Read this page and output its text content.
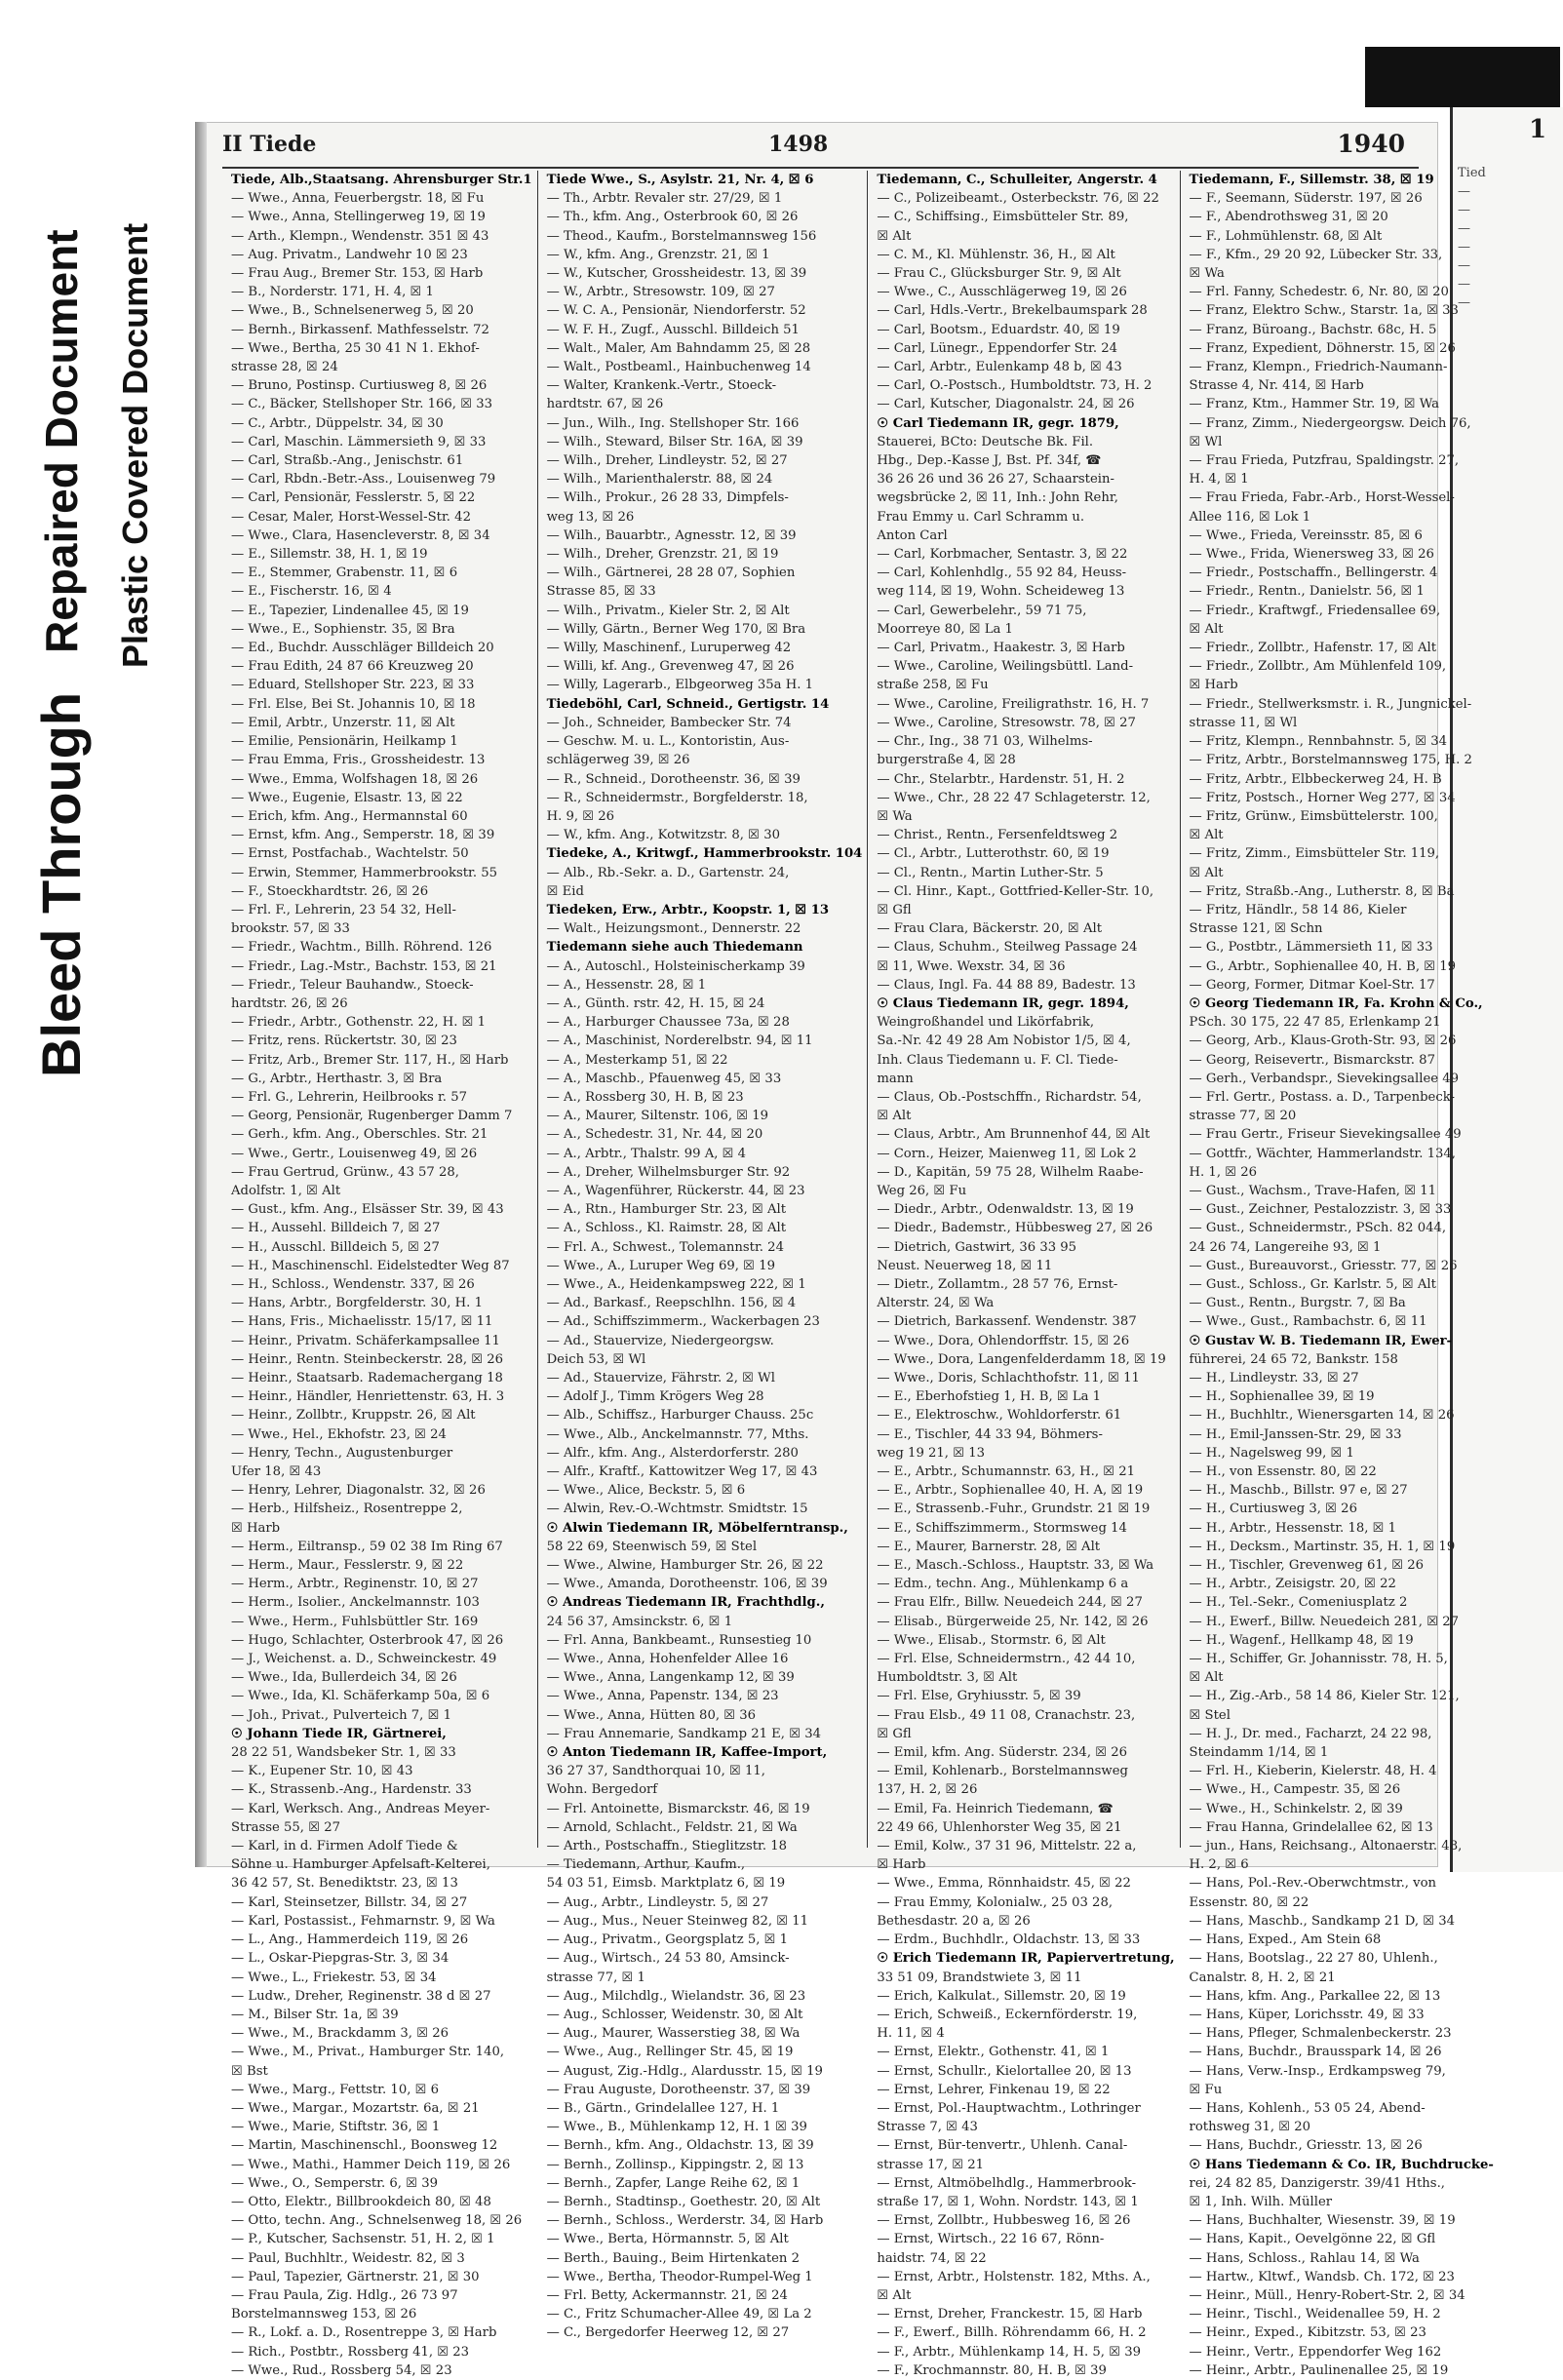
Bleed Through
Repaired Document Plastic Covered Document
1
Tied
—
—
—
—
—
—
—
II Tiede	1498	1940
Tiede, Alb.,Staatsang. Ahrensburger Str.1
— Wwe., Anna, Feuerbergstr. 18, ☒ Fu
— Wwe., Anna, Stellingerweg 19, ☒ 19
— Arth., Klempn., Wendenstr. 351 ☒ 43
— Aug. Privatm., Landwehr 10 ☒ 23
— Frau Aug., Bremer Str. 153, ☒ Harb
— B., Norderstr. 171, H. 4, ☒ 1
— Wwe., B., Schnelsenerweg 5, ☒ 20
— Bernh., Birkassenf. Mathfesselstr. 72
— Wwe., Bertha, 25 30 41 N 1. Ekhof-
strasse 28, ☒ 24
— Bruno, Postinsp. Curtiusweg 8, ☒ 26
— C., Bäcker, Stellshoper Str. 166, ☒ 33
— C., Arbtr., Düppelstr. 34, ☒ 30
— Carl, Maschin. Lämmersieth 9, ☒ 33
— Carl, Straßb.-Ang., Jenischstr. 61
— Carl, Rbdn.-Betr.-Ass., Louisenweg 79
— Carl, Pensionär, Fesslerstr. 5, ☒ 22
— Cesar, Maler, Horst-Wessel-Str. 42
— Wwe., Clara, Hasencleverstr. 8, ☒ 34
— E., Sillemstr. 38, H. 1, ☒ 19
— E., Stemmer, Grabenstr. 11, ☒ 6
— E., Fischerstr. 16, ☒ 4
— E., Tapezier, Lindenallee 45, ☒ 19
— Wwe., E., Sophienstr. 35, ☒ Bra
— Ed., Buchdr. Ausschläger Billdeich 20
— Frau Edith, 24 87 66 Kreuzweg 20
— Eduard, Stellshoper Str. 223, ☒ 33
— Frl. Else, Bei St. Johannis 10, ☒ 18
— Emil, Arbtr., Unzerstr. 11, ☒ Alt
— Emilie, Pensionärin, Heilkamp 1
— Frau Emma, Fris., Grossheidestr. 13
— Wwe., Emma, Wolfshagen 18, ☒ 26
— Wwe., Eugenie, Elsastr. 13, ☒ 22
— Erich, kfm. Ang., Hermannstal 60
— Ernst, kfm. Ang., Semperstr. 18, ☒ 39
— Ernst, Postfachab., Wachtelstr. 50
— Erwin, Stemmer, Hammerbrookstr. 55
— F., Stoeckhardtstr. 26, ☒ 26
— Frl. F., Lehrerin, 23 54 32, Hell-
brookstr. 57, ☒ 33
— Friedr., Wachtm., Billh. Röhrend. 126
— Friedr., Lag.-Mstr., Bachstr. 153, ☒ 21
— Friedr., Teleur Bauhandw., Stoeck-
hardtstr. 26, ☒ 26
— Friedr., Arbtr., Gothenstr. 22, H. ☒ 1
— Fritz, rens. Rückertstr. 30, ☒ 23
— Fritz, Arb., Bremer Str. 117, H., ☒ Harb
— G., Arbtr., Herthastr. 3, ☒ Bra
— Frl. G., Lehrerin, Heilbrooks r. 57
— Georg, Pensionär, Rugenberger Damm 7
— Gerh., kfm. Ang., Oberschles. Str. 21
— Wwe., Gertr., Louisenweg 49, ☒ 26
— Frau Gertrud, Grünw., 43 57 28,
Adolfstr. 1, ☒ Alt
— Gust., kfm. Ang., Elsässer Str. 39, ☒ 43
— H., Aussehl. Billdeich 7, ☒ 27
— H., Ausschl. Billdeich 5, ☒ 27
— H., Maschinenschl. Eidelstedter Weg 87
— H., Schloss., Wendenstr. 337, ☒ 26
— Hans, Arbtr., Borgfelderstr. 30, H. 1
— Hans, Fris., Michaelisstr. 15/17, ☒ 11
— Heinr., Privatm. Schäferkampsallee 11
— Heinr., Rentn. Steinbeckerstr. 28, ☒ 26
— Heinr., Staatsarb. Rademachergang 18
— Heinr., Händler, Henriettenstr. 63, H. 3
— Heinr., Zollbtr., Kruppstr. 26, ☒ Alt
— Wwe., Hel., Ekhofstr. 23, ☒ 24
— Henry, Techn., Augustenburger
Ufer 18, ☒ 43
— Henry, Lehrer, Diagonalstr. 32, ☒ 26
— Herb., Hilfsheiz., Rosentreppe 2,
☒ Harb
— Herm., Eiltransp., 59 02 38 Im Ring 67
— Herm., Maur., Fesslerstr. 9, ☒ 22
— Herm., Arbtr., Reginenstr. 10, ☒ 27
— Herm., Isolier., Anckelmannstr. 103
— Wwe., Herm., Fuhlsbüttler Str. 169
— Hugo, Schlachter, Osterbrook 47, ☒ 26
— J., Weichenst. a. D., Schweinckestr. 49
— Wwe., Ida, Bullerdeich 34, ☒ 26
— Wwe., Ida, Kl. Schäferkamp 50a, ☒ 6
— Joh., Privat., Pulverteich 7, ☒ 1
☉ Johann Tiede IR, Gärtnerei,
28 22 51, Wandsbeker Str. 1, ☒ 33
— K., Eupener Str. 10, ☒ 43
— K., Strassenb.-Ang., Hardenstr. 33
— Karl, Werksch. Ang., Andreas Meyer-
Strasse 55, ☒ 27
— Karl, in d. Firmen Adolf Tiede &
Söhne u. Hamburger Apfelsaft-Kelterei,
36 42 57, St. Benediktstr. 23, ☒ 13
— Karl, Steinsetzer, Billstr. 34, ☒ 27
— Karl, Postassist., Fehmarnstr. 9, ☒ Wa
— L., Ang., Hammerdeich 119, ☒ 26
— L., Oskar-Piepgras-Str. 3, ☒ 34
— Wwe., L., Friekestr. 53, ☒ 34
— Ludw., Dreher, Reginenstr. 38 d ☒ 27
— M., Bilser Str. 1a, ☒ 39
— Wwe., M., Brackdamm 3, ☒ 26
— Wwe., M., Privat., Hamburger Str. 140,
☒ Bst
— Wwe., Marg., Fettstr. 10, ☒ 6
— Wwe., Margar., Mozartstr. 6a, ☒ 21
— Wwe., Marie, Stiftstr. 36, ☒ 1
— Martin, Maschinenschl., Boonsweg 12
— Wwe., Mathi., Hammer Deich 119, ☒ 26
— Wwe., O., Semperstr. 6, ☒ 39
— Otto, Elektr., Billbrookdeich 80, ☒ 48
— Otto, techn. Ang., Schnelsenweg 18, ☒ 26
— P., Kutscher, Sachsenstr. 51, H. 2, ☒ 1
— Paul, Buchhltr., Weidestr. 82, ☒ 3
— Paul, Tapezier, Gärtnerstr. 21, ☒ 30
— Frau Paula, Zig. Hdlg., 26 73 97
Borstelmannsweg 153, ☒ 26
— R., Lokf. a. D., Rosentreppe 3, ☒ Harb
— Rich., Postbtr., Rossberg 41, ☒ 23
— Wwe., Rud., Rossberg 54, ☒ 23
Tiede Wwe., S., Asylstr. 21, Nr. 4, ☒ 6
— Th., Arbtr. Revaler str. 27/29, ☒ 1
— Th., kfm. Ang., Osterbrook 60, ☒ 26
— Theod., Kaufm., Borstelmannsweg 156
— W., kfm. Ang., Grenzstr. 21, ☒ 1
— W., Kutscher, Grossheidestr. 13, ☒ 39
— W., Arbtr., Stresowstr. 109, ☒ 27
— W. C. A., Pensionär, Niendorferstr. 52
— W. F. H., Zugf., Ausschl. Billdeich 51
— Walt., Maler, Am Bahndamm 25, ☒ 28
— Walt., Postbeaml., Hainbuchenweg 14
— Walter, Krankenk.-Vertr., Stoeck-
hardtstr. 67, ☒ 26
— Jun., Wilh., Ing. Stellshoper Str. 166
— Wilh., Steward, Bilser Str. 16A, ☒ 39
— Wilh., Dreher, Lindleystr. 52, ☒ 27
— Wilh., Marienthalerstr. 88, ☒ 24
— Wilh., Prokur., 26 28 33, Dimpfels-
weg 13, ☒ 26
— Wilh., Bauarbtr., Agnesstr. 12, ☒ 39
— Wilh., Dreher, Grenzstr. 21, ☒ 19
— Wilh., Gärtnerei, 28 28 07, Sophien
Strasse 85, ☒ 33
— Wilh., Privatm., Kieler Str. 2, ☒ Alt
— Willy, Gärtn., Berner Weg 170, ☒ Bra
— Willy, Maschinenf., Luruperweg 42
— Willi, kf. Ang., Grevenweg 47, ☒ 26
— Willy, Lagerarb., Elbgeorweg 35a H. 1
Tiedeböhl, Carl, Schneid., Gertigstr. 14
— Joh., Schneider, Bambecker Str. 74
— Geschw. M. u. L., Kontoristin, Aus-
schlägerweg 39, ☒ 26
— R., Schneid., Dorotheenstr. 36, ☒ 39
— R., Schneidermstr., Borgfelderstr. 18,
H. 9, ☒ 26
— W., kfm. Ang., Kotwitzstr. 8, ☒ 30
Tiedeke, A., Kritwgf., Hammerbrookstr. 104
— Alb., Rb.-Sekr. a. D., Gartenstr. 24,
☒ Eid
Tiedeken, Erw., Arbtr., Koopstr. 1, ☒ 13
— Walt., Heizungsmont., Dennerstr. 22
Tiedemann siehe auch Thiedemann
— A., Autoschl., Holsteinischerkamp 39
— A., Hessenstr. 28, ☒ 1
— A., Günth. rstr. 42, H. 15, ☒ 24
— A., Harburger Chaussee 73a, ☒ 28
— A., Maschinist, Norderelbstr. 94, ☒ 11
— A., Mesterkamp 51, ☒ 22
— A., Maschb., Pfauenweg 45, ☒ 33
— A., Rossberg 30, H. B, ☒ 23
— A., Maurer, Siltenstr. 106, ☒ 19
— A., Schedestr. 31, Nr. 44, ☒ 20
— A., Arbtr., Thalstr. 99 A, ☒ 4
— A., Dreher, Wilhelmsburger Str. 92
— A., Wagenführer, Rückerstr. 44, ☒ 23
— A., Rtn., Hamburger Str. 23, ☒ Alt
— A., Schloss., Kl. Raimstr. 28, ☒ Alt
— Frl. A., Schwest., Tolemannstr. 24
— Wwe., A., Luruper Weg 69, ☒ 19
— Wwe., A., Heidenkampsweg 222, ☒ 1
— Ad., Barkasf., Reepschlhn. 156, ☒ 4
— Ad., Schiffszimmerm., Wackerbagen 23
— Ad., Stauervize, Niedergeorgsw.
Deich 53, ☒ Wl
— Ad., Stauervize, Fährstr. 2, ☒ Wl
— Adolf J., Timm Krögers Weg 28
— Alb., Schiffsz., Harburger Chauss. 25c
— Wwe., Alb., Anckelmannstr. 77, Mths.
— Alfr., kfm. Ang., Alsterdorferstr. 280
— Alfr., Kraftf., Kattowitzer Weg 17, ☒ 43
— Wwe., Alice, Beckstr. 5, ☒ 6
— Alwin, Rev.-O.-Wchtmstr. Smidtstr. 15
☉ Alwin Tiedemann IR, Möbelferntransp.,
58 22 69, Steenwisch 59, ☒ Stel
— Wwe., Alwine, Hamburger Str. 26, ☒ 22
— Wwe., Amanda, Dorotheenstr. 106, ☒ 39
☉ Andreas Tiedemann IR, Frachthdlg.,
24 56 37, Amsinckstr. 6, ☒ 1
— Frl. Anna, Bankbeamt., Runsestieg 10
— Wwe., Anna, Hohenfelder Allee 16
— Wwe., Anna, Langenkamp 12, ☒ 39
— Wwe., Anna, Papenstr. 134, ☒ 23
— Wwe., Anna, Hütten 80, ☒ 36
— Frau Annemarie, Sandkamp 21 E, ☒ 34
☉ Anton Tiedemann IR, Kaffee-Import,
36 27 37, Sandthorquai 10, ☒ 11,
Wohn. Bergedorf
— Frl. Antoinette, Bismarckstr. 46, ☒ 19
— Arnold, Schlacht., Feldstr. 21, ☒ Wa
— Arth., Postschaffn., Stieglitzstr. 18
— Tiedemann, Arthur, Kaufm.,
54 03 51, Eimsb. Marktplatz 6, ☒ 19
— Aug., Arbtr., Lindleystr. 5, ☒ 27
— Aug., Mus., Neuer Steinweg 82, ☒ 11
— Aug., Privatm., Georgsplatz 5, ☒ 1
— Aug., Wirtsch., 24 53 80, Amsinck-
strasse 77, ☒ 1
— Aug., Milchdlg., Wielandstr. 36, ☒ 23
— Aug., Schlosser, Weidenstr. 30, ☒ Alt
— Aug., Maurer, Wasserstieg 38, ☒ Wa
— Wwe., Aug., Rellinger Str. 45, ☒ 19
— August, Zig.-Hdlg., Alardusstr. 15, ☒ 19
— Frau Auguste, Dorotheenstr. 37, ☒ 39
— B., Gärtn., Grindelallee 127, H. 1
— Wwe., B., Mühlenkamp 12, H. 1 ☒ 39
— Bernh., kfm. Ang., Oldachstr. 13, ☒ 39
— Bernh., Zollinsp., Kippingstr. 2, ☒ 13
— Bernh., Zapfer, Lange Reihe 62, ☒ 1
— Bernh., Stadtinsp., Goethestr. 20, ☒ Alt
— Bernh., Schloss., Werderstr. 34, ☒ Harb
— Wwe., Berta, Hörmannstr. 5, ☒ Alt
— Berth., Bauing., Beim Hirtenkaten 2
— Wwe., Bertha, Theodor-Rumpel-Weg 1
— Frl. Betty, Ackermannstr. 21, ☒ 24
— C., Fritz Schumacher-Allee 49, ☒ La 2
— C., Bergedorfer Heerweg 12, ☒ 27
Tiedemann, C., Schulleiter, Angerstr. 4
— C., Polizeibeamt., Osterbeckstr. 76, ☒ 22
— C., Schiffsing., Eimsbütteler Str. 89,
☒ Alt
— C. M., Kl. Mühlenstr. 36, H., ☒ Alt
— Frau C., Glücksburger Str. 9, ☒ Alt
— Wwe., C., Ausschlägerweg 19, ☒ 26
— Carl, Hdls.-Vertr., Brekelbaumspark 28
— Carl, Bootsm., Eduardstr. 40, ☒ 19
— Carl, Lünegr., Eppendorfer Str. 24
— Carl, Arbtr., Eulenkamp 48 b, ☒ 43
— Carl, O.-Postsch., Humboldtstr. 73, H. 2
— Carl, Kutscher, Diagonalstr. 24, ☒ 26
☉ Carl Tiedemann IR, gegr. 1879,
Stauerei, BCto: Deutsche Bk. Fil.
Hbg., Dep.-Kasse J, Bst. Pf. 34f, ☎
36 26 26 und 36 26 27, Schaarstein-
wegsbrücke 2, ☒ 11, Inh.: John Rehr,
Frau Emmy u. Carl Schramm u.
Anton Carl
— Carl, Korbmacher, Sentastr. 3, ☒ 22
— Carl, Kohlenhdlg., 55 92 84, Heuss-
weg 114, ☒ 19, Wohn. Scheideweg 13
— Carl, Gewerbelehr., 59 71 75,
Moorreye 80, ☒ La 1
— Carl, Privatm., Haakestr. 3, ☒ Harb
— Wwe., Caroline, Weilingsbüttl. Land-
straße 258, ☒ Fu
— Wwe., Caroline, Freiligrathstr. 16, H. 7
— Wwe., Caroline, Stresowstr. 78, ☒ 27
— Chr., Ing., 38 71 03, Wilhelms-
burgerstraße 4, ☒ 28
— Chr., Stelarbtr., Hardenstr. 51, H. 2
— Wwe., Chr., 28 22 47 Schlageterstr. 12,
☒ Wa
— Christ., Rentn., Fersenfeldtsweg 2
— Cl., Arbtr., Lutterothstr. 60, ☒ 19
— Cl., Rentn., Martin Luther-Str. 5
— Cl. Hinr., Kapt., Gottfried-Keller-Str. 10,
☒ Gfl
— Frau Clara, Bäckerstr. 20, ☒ Alt
— Claus, Schuhm., Steilweg Passage 24
☒ 11, Wwe. Wexstr. 34, ☒ 36
— Claus, Ingl. Fa. 44 88 89, Badestr. 13
☉ Claus Tiedemann IR, gegr. 1894,
Weingroßhandel und Likörfabrik,
Sa.-Nr. 42 49 28 Am Nobistor 1/5, ☒ 4,
Inh. Claus Tiedemann u. F. Cl. Tiede-
mann
— Claus, Ob.-Postschffn., Richardstr. 54,
☒ Alt
— Claus, Arbtr., Am Brunnenhof 44, ☒ Alt
— Corn., Heizer, Maienweg 11, ☒ Lok 2
— D., Kapitän, 59 75 28, Wilhelm Raabe-
Weg 26, ☒ Fu
— Diedr., Arbtr., Odenwaldstr. 13, ☒ 19
— Diedr., Bademstr., Hübbesweg 27, ☒ 26
— Dietrich, Gastwirt, 36 33 95
Neust. Neuerweg 18, ☒ 11
— Dietr., Zollamtm., 28 57 76, Ernst-
Alterstr. 24, ☒ Wa
— Dietrich, Barkassenf. Wendenstr. 387
— Wwe., Dora, Ohlendorffstr. 15, ☒ 26
— Wwe., Dora, Langenfelderdamm 18, ☒ 19
— Wwe., Doris, Schlachthofstr. 11, ☒ 11
— E., Eberhofstieg 1, H. B, ☒ La 1
— E., Elektroschw., Wohldorferstr. 61
— E., Tischler, 44 33 94, Böhmers-
weg 19 21, ☒ 13
— E., Arbtr., Schumannstr. 63, H., ☒ 21
— E., Arbtr., Sophienallee 40, H. A, ☒ 19
— E., Strassenb.-Fuhr., Grundstr. 21 ☒ 19
— E., Schiffszimmerm., Stormsweg 14
— E., Maurer, Barnerstr. 28, ☒ Alt
— E., Masch.-Schloss., Hauptstr. 33, ☒ Wa
— Edm., techn. Ang., Mühlenkamp 6 a
— Frau Elfr., Billw. Neuedeich 244, ☒ 27
— Elisab., Bürgerweide 25, Nr. 142, ☒ 26
— Wwe., Elisab., Stormstr. 6, ☒ Alt
— Frl. Else, Schneidermstrn., 42 44 10,
Humboldtstr. 3, ☒ Alt
— Frl. Else, Gryhiusstr. 5, ☒ 39
— Frau Elsb., 49 11 08, Cranachstr. 23,
☒ Gfl
— Emil, kfm. Ang. Süderstr. 234, ☒ 26
— Emil, Kohlenarb., Borstelmannsweg
137, H. 2, ☒ 26
— Emil, Fa. Heinrich Tiedemann, ☎
22 49 66, Uhlenhorster Weg 35, ☒ 21
— Emil, Kolw., 37 31 96, Mittelstr. 22 a,
☒ Harb
— Wwe., Emma, Rönnhaidstr. 45, ☒ 22
— Frau Emmy, Kolonialw., 25 03 28,
Bethesdastr. 20 a, ☒ 26
— Erdm., Buchhdlr., Oldachstr. 13, ☒ 33
☉ Erich Tiedemann IR, Papiervertretung,
33 51 09, Brandstwiete 3, ☒ 11
— Erich, Kalkulat., Sillemstr. 20, ☒ 19
— Erich, Schweiß., Eckernförderstr. 19,
H. 11, ☒ 4
— Ernst, Elektr., Gothenstr. 41, ☒ 1
— Ernst, Schullr., Kielortallee 20, ☒ 13
— Ernst, Lehrer, Finkenau 19, ☒ 22
— Ernst, Pol.-Hauptwachtm., Lothringer
Strasse 7, ☒ 43
— Ernst, Bür-tenvertr., Uhlenh. Canal-
strasse 17, ☒ 21
— Ernst, Altmöbelhdlg., Hammerbrook-
straße 17, ☒ 1, Wohn. Nordstr. 143, ☒ 1
— Ernst, Zollbtr., Hubbesweg 16, ☒ 26
— Ernst, Wirtsch., 22 16 67, Rönn-
haidstr. 74, ☒ 22
— Ernst, Arbtr., Holstenstr. 182, Mths. A.,
☒ Alt
— Ernst, Dreher, Franckestr. 15, ☒ Harb
— F., Ewerf., Billh. Röhrendamm 66, H. 2
— F., Arbtr., Mühlenkamp 14, H. 5, ☒ 39
— F., Krochmannstr. 80, H. B, ☒ 39
Tiedemann, F., Sillemstr. 38, ☒ 19
— F., Seemann, Süderstr. 197, ☒ 26
— F., Abendrothsweg 31, ☒ 20
— F., Lohmühlenstr. 68, ☒ Alt
— F., Kfm., 29 20 92, Lübecker Str. 33,
☒ Wa
— Frl. Fanny, Schedestr. 6, Nr. 80, ☒ 20
— Franz, Elektro Schw., Starstr. 1a, ☒ 33
— Franz, Büroang., Bachstr. 68c, H. 5
— Franz, Expedient, Döhnerstr. 15, ☒ 26
— Franz, Klempn., Friedrich-Naumann-
Strasse 4, Nr. 414, ☒ Harb
— Franz, Ktm., Hammer Str. 19, ☒ Wa
— Franz, Zimm., Niedergeorgsw. Deich 76,
☒ Wl
— Frau Frieda, Putzfrau, Spaldingstr. 27,
H. 4, ☒ 1
— Frau Frieda, Fabr.-Arb., Horst-Wessel-
Allee 116, ☒ Lok 1
— Wwe., Frieda, Vereinsstr. 85, ☒ 6
— Wwe., Frida, Wienersweg 33, ☒ 26
— Friedr., Postschaffn., Bellingerstr. 4
— Friedr., Rentn., Danielstr. 56, ☒ 1
— Friedr., Kraftwgf., Friedensallee 69,
☒ Alt
— Friedr., Zollbtr., Hafenstr. 17, ☒ Alt
— Friedr., Zollbtr., Am Mühlenfeld 109,
☒ Harb
— Friedr., Stellwerksmstr. i. R., Jungnickel-
strasse 11, ☒ Wl
— Fritz, Klempn., Rennbahnstr. 5, ☒ 34
— Fritz, Arbtr., Borstelmannsweg 175, H. 2
— Fritz, Arbtr., Elbbeckerweg 24, H. B
— Fritz, Postsch., Horner Weg 277, ☒ 34
— Fritz, Grünw., Eimsbüttelerstr. 100,
☒ Alt
— Fritz, Zimm., Eimsbütteler Str. 119,
☒ Alt
— Fritz, Straßb.-Ang., Lutherstr. 8, ☒ Ba
— Fritz, Händlr., 58 14 86, Kieler
Strasse 121, ☒ Schn
— G., Postbtr., Lämmersieth 11, ☒ 33
— G., Arbtr., Sophienallee 40, H. B, ☒ 19
— Georg, Former, Ditmar Koel-Str. 17
☉ Georg Tiedemann IR, Fa. Krohn & Co.,
PSch. 30 175, 22 47 85, Erlenkamp 21
— Georg, Arb., Klaus-Groth-Str. 93, ☒ 26
— Georg, Reisevertr., Bismarckstr. 87
— Gerh., Verbandspr., Sievekingsallee 49
— Frl. Gertr., Postass. a. D., Tarpenbeck-
strasse 77, ☒ 20
— Frau Gertr., Friseur Sievekingsallee 49
— Gottfr., Wächter, Hammerlandstr. 134,
H. 1, ☒ 26
— Gust., Wachsm., Trave-Hafen, ☒ 11
— Gust., Zeichner, Pestalozzistr. 3, ☒ 33
— Gust., Schneidermstr., PSch. 82 044,
24 26 74, Langereihe 93, ☒ 1
— Gust., Bureauvorst., Griesstr. 77, ☒ 26
— Gust., Schloss., Gr. Karlstr. 5, ☒ Alt
— Gust., Rentn., Burgstr. 7, ☒ Ba
— Wwe., Gust., Rambachstr. 6, ☒ 11
☉ Gustav W. B. Tiedemann IR, Ewer-
führerei, 24 65 72, Bankstr. 158
— H., Lindleystr. 33, ☒ 27
— H., Sophienallee 39, ☒ 19
— H., Buchhltr., Wienersgarten 14, ☒ 26
— H., Emil-Janssen-Str. 29, ☒ 33
— H., Nagelsweg 99, ☒ 1
— H., von Essenstr. 80, ☒ 22
— H., Maschb., Billstr. 97 e, ☒ 27
— H., Curtiusweg 3, ☒ 26
— H., Arbtr., Hessenstr. 18, ☒ 1
— H., Decksm., Martinstr. 35, H. 1, ☒ 19
— H., Tischler, Grevenweg 61, ☒ 26
— H., Arbtr., Zeisigstr. 20, ☒ 22
— H., Tel.-Sekr., Comeniusplatz 2
— H., Ewerf., Billw. Neuedeich 281, ☒ 27
— H., Wagenf., Hellkamp 48, ☒ 19
— H., Schiffer, Gr. Johannisstr. 78, H. 5,
☒ Alt
— H., Zig.-Arb., 58 14 86, Kieler Str. 121,
☒ Stel
— H. J., Dr. med., Facharzt, 24 22 98,
Steindamm 1/14, ☒ 1
— Frl. H., Kieberin, Kielerstr. 48, H. 4
— Wwe., H., Campestr. 35, ☒ 26
— Wwe., H., Schinkelstr. 2, ☒ 39
— Frau Hanna, Grindelallee 62, ☒ 13
— jun., Hans, Reichsang., Altonaerstr. 48,
H. 2, ☒ 6
— Hans, Pol.-Rev.-Oberwchtmstr., von
Essenstr. 80, ☒ 22
— Hans, Maschb., Sandkamp 21 D, ☒ 34
— Hans, Exped., Am Stein 68
— Hans, Bootslag., 22 27 80, Uhlenh.,
Canalstr. 8, H. 2, ☒ 21
— Hans, kfm. Ang., Parkallee 22, ☒ 13
— Hans, Küper, Lorichsstr. 49, ☒ 33
— Hans, Pfleger, Schmalenbeckerstr. 23
— Hans, Buchdr., Brausspark 14, ☒ 26
— Hans, Verw.-Insp., Erdkampsweg 79,
☒ Fu
— Hans, Kohlenh., 53 05 24, Abend-
rothsweg 31, ☒ 20
— Hans, Buchdr., Griesstr. 13, ☒ 26
☉ Hans Tiedemann & Co. IR, Buchdrucke-
rei, 24 82 85, Danzigerstr. 39/41 Hths.,
☒ 1, Inh. Wilh. Müller
— Hans, Buchhalter, Wiesenstr. 39, ☒ 19
— Hans, Kapit., Oevelgönne 22, ☒ Gfl
— Hans, Schloss., Rahlau 14, ☒ Wa
— Hartw., Kltwf., Wandsb. Ch. 172, ☒ 23
— Heinr., Müll., Henry-Robert-Str. 2, ☒ 34
— Heinr., Tischl., Weidenallee 59, H. 2
— Heinr., Exped., Kibitzstr. 53, ☒ 23
— Heinr., Vertr., Eppendorfer Weg 162
— Heinr., Arbtr., Paulinenallee 25, ☒ 19
